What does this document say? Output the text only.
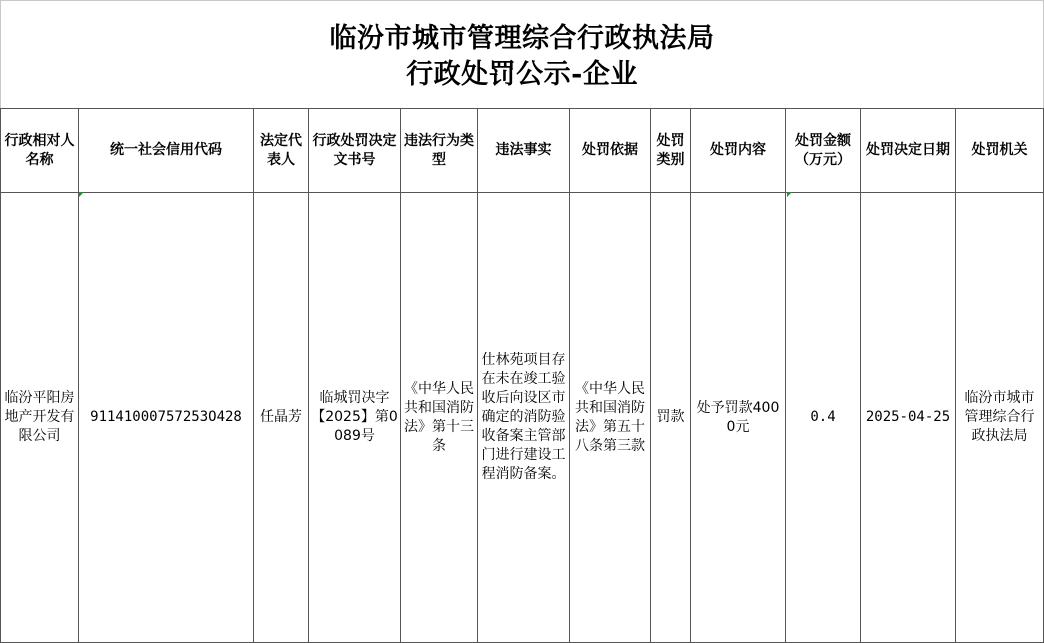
临汾市城市管理综合行政执法局
行政处罚公示-企业
行政相对人名称	统一社会信用代码	法定代表人	行政处罚决定文书号	违法行为类型	违法事实	处罚依据	处罚类别	处罚内容	处罚金额（万元）	处罚决定日期	处罚机关
临汾平阳房地产开发有限公司	91141000757253O428	任晶芳	临城罚决字【2025】第0089号	《中华人民共和国消防法》第十三条	仕林苑项目存在未在竣工验收后向设区市确定的消防验收备案主管部门进行建设工程消防备案。	《中华人民共和国消防法》第五十八条第三款	罚款	处予罚款4000元	0.4	2025-04-25	临汾市城市管理综合行政执法局
